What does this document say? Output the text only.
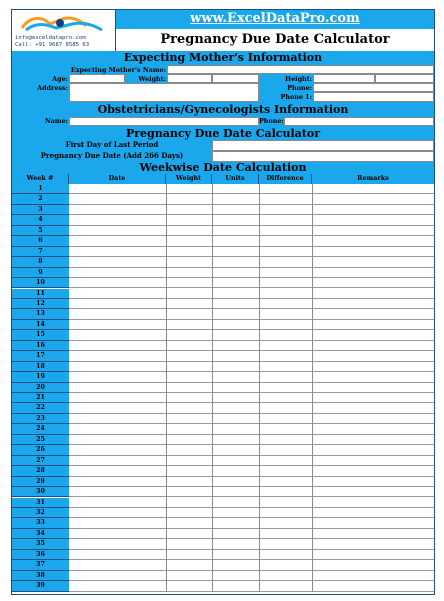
info@exceldatapro.com
Call: +91 9687 8585 63
www.ExcelDataPro.com
Pregnancy Due Date Calculator
Expecting Mother's Information
Expecting Mother's Name:
Age:	Weight:	Height:
Address:	Phone:
Phone 1:
Obstetricians/Gynecologists Information
Name:	Phone:
Pregnancy Due Date Calculator
First Day of Last Period
Pregnancy Due Date (Add 266 Days)
Weekwise Date Calculation
Week #	Date	Weight	Units	Difference	Remarks
1
2
3
4
5
6
7
8
9
10
11
12
13
14
15
16
17
18
19
20
21
22
23
24
25
26
27
28
29
30
31
32
33
34
35
36
37
38
39
